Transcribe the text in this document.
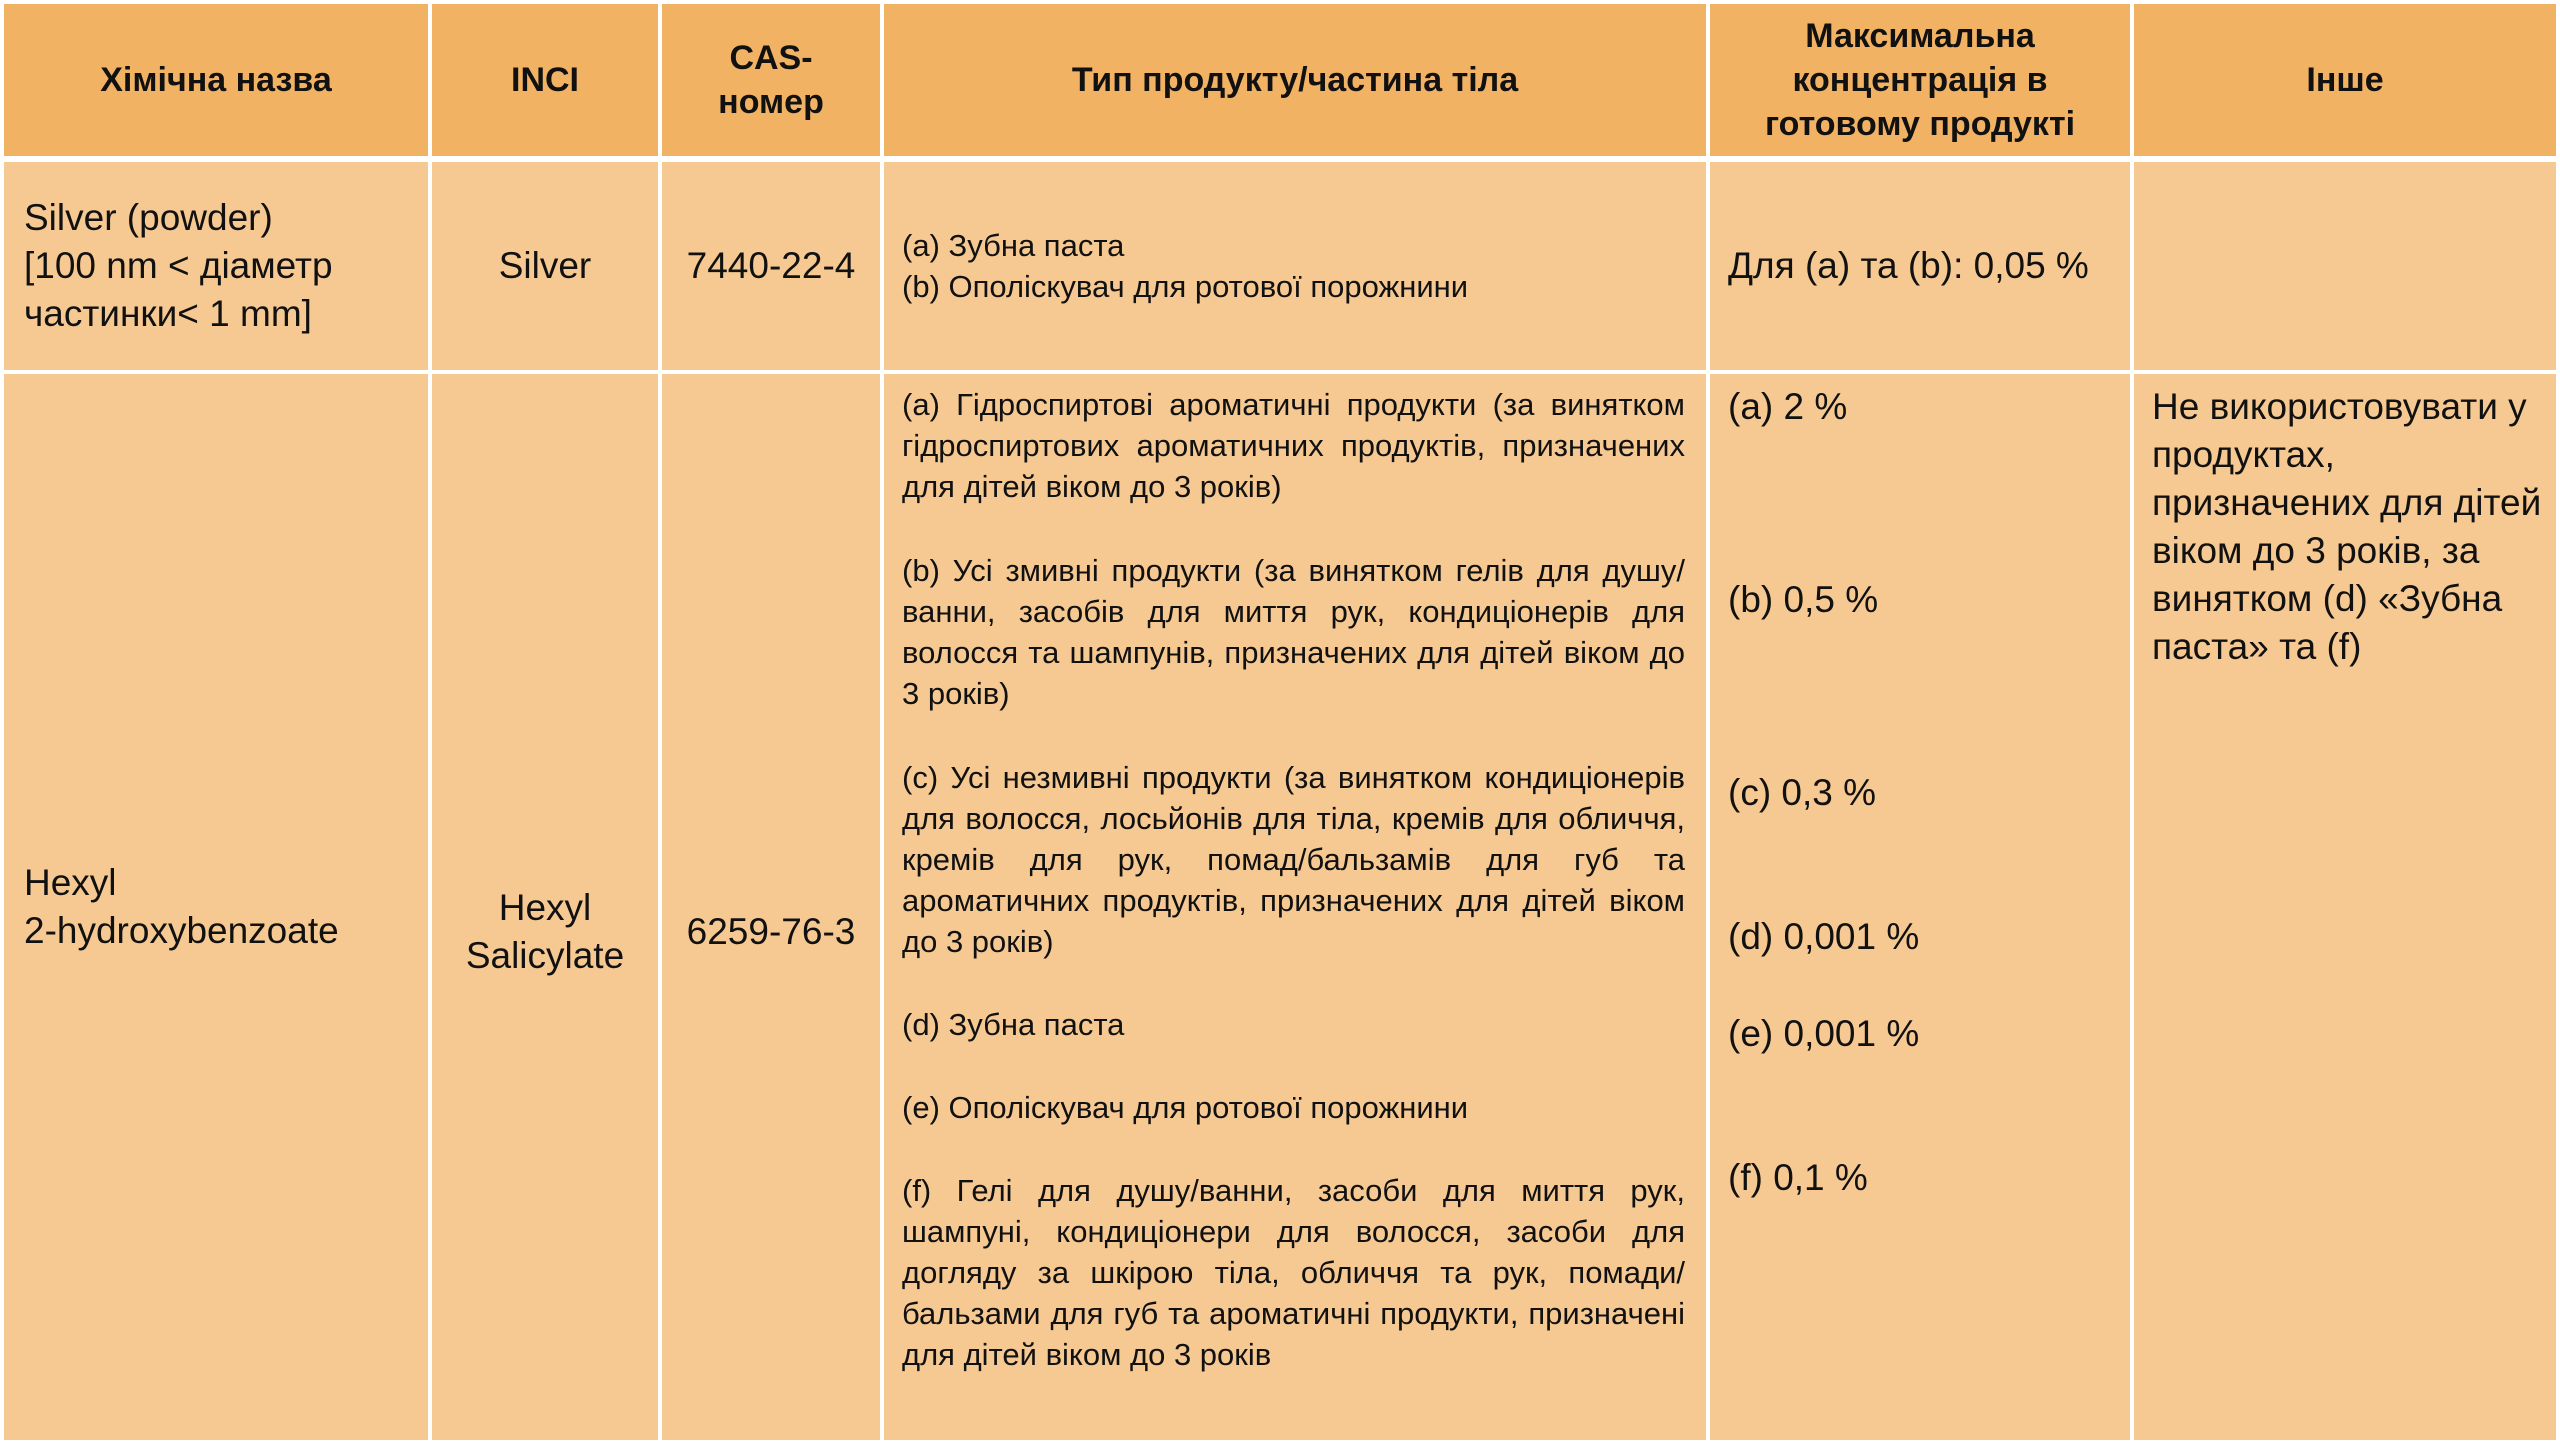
Хімічна назва	INCI
CAS-
номер
Тип продукту/частина тіла
Максимальна
концентрація в
готовому продукті
Інше
Silver (powder)
[100 nm < діаметр
частинки< 1 mm]
Silver	7440-22-4 (a) Зубна паста
(b) Ополіскувач для ротової порожнини
Для (a) та (b): 0,05 %
Hexyl
2-hydroxybenzoate
Hexyl
Salicylate
6259-76-3
(a) Гідроспиртові ароматичні продукти (за винятком гідроспиртових ароматичних продуктів, призначених для дітей віком до 3 років)
(b) Усі змивні продукти (за винятком гелів для душу/ванни, засобів для миття рук, кондиціонерів для волосся та шампунів, призначених для дітей віком до 3 років)
(c) Усі незмивні продукти (за винятком кондиціонерів для волосся, лосьйонів для тіла, кремів для обличчя, кремів для рук, помад/бальзамів для губ та ароматичних продуктів, призначених для дітей віком до 3 років)
(d) Зубна паста
(e) Ополіскувач для ротової порожнини
(f) Гелі для душу/ванни, засоби для миття рук, шампуні, кондиціонери для волосся, засоби для догляду за шкірою тіла, обличчя та рук, помади/бальзами для губ та ароматичні продукти, призначені для дітей віком до 3 років
(a) 2 %
(b) 0,5 %
(c) 0,3 %
(d) 0,001 %
(e) 0,001 %
(f) 0,1 %
Не використовувати у продуктах, призначених для дітей віком до 3 років, за винятком (d) «Зубна паста» та (f)
